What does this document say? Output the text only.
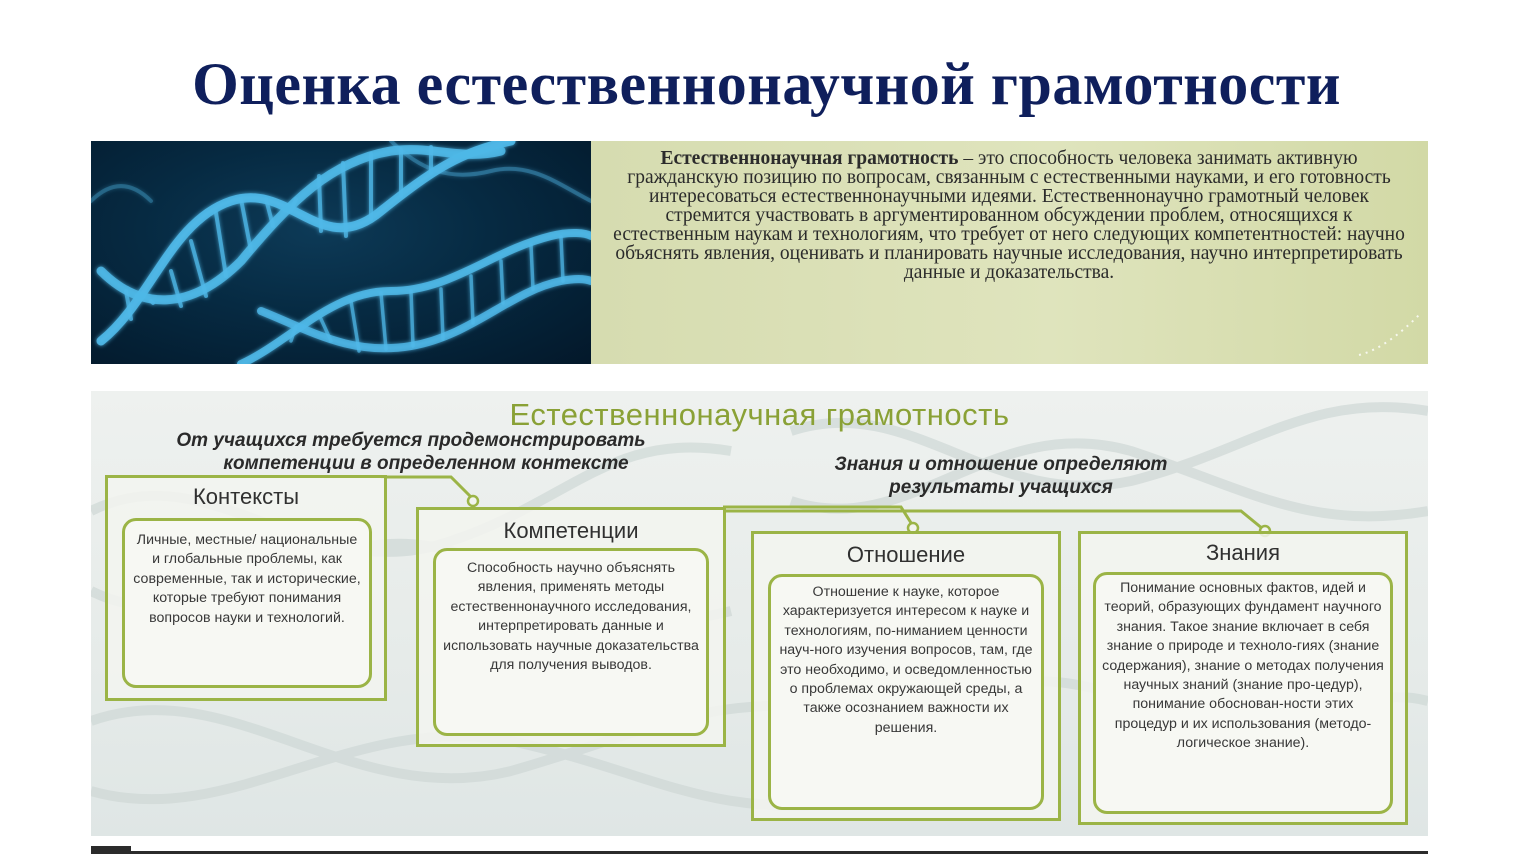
Оценка естественнонаучной грамотности
Естественнонаучная грамотность – это способность человека занимать активную гражданскую позицию по вопросам, связанным с естественными науками, и его готовность интересоваться естественнонаучными идеями. Естественнонаучно грамотный человек стремится участвовать в аргументированном обсуждении проблем, относящихся к естественным наукам и технологиям, что требует от него следующих компетентностей: научно объяснять явления, оценивать и планировать научные исследования, научно интерпретировать данные и доказательства.
Естественнонаучная грамотность
От учащихся требуется продемонстрировать
компетенции в определенном контексте	Знания и отношение определяют
результаты учащихся
Контексты
Личные, местные/ национальные и глобальные проблемы, как современные, так и исторические, которые требуют понимания вопросов науки и технологий.
Компетенции
Способность научно объяснять явления, применять методы естественнонаучного исследования, интерпретировать данные и использовать научные доказательства для получения выводов.
Отношение
Отношение к науке, которое характеризуется интересом к науке и технологиям, по-ниманием ценности науч-ного изучения вопросов, там, где это необходимо, и осведомленностью о проблемах окружающей среды, а также осознанием важности их решения.
Знания
Понимание основных фактов, идей и теорий, образующих фундамент научного знания. Такое знание включает в себя знание о природе и техноло-гиях (знание содержания), знание о методах получения научных знаний (знание про-цедур), понимание обоснован-ности этих процедур и их использования (методо-логическое знание).
